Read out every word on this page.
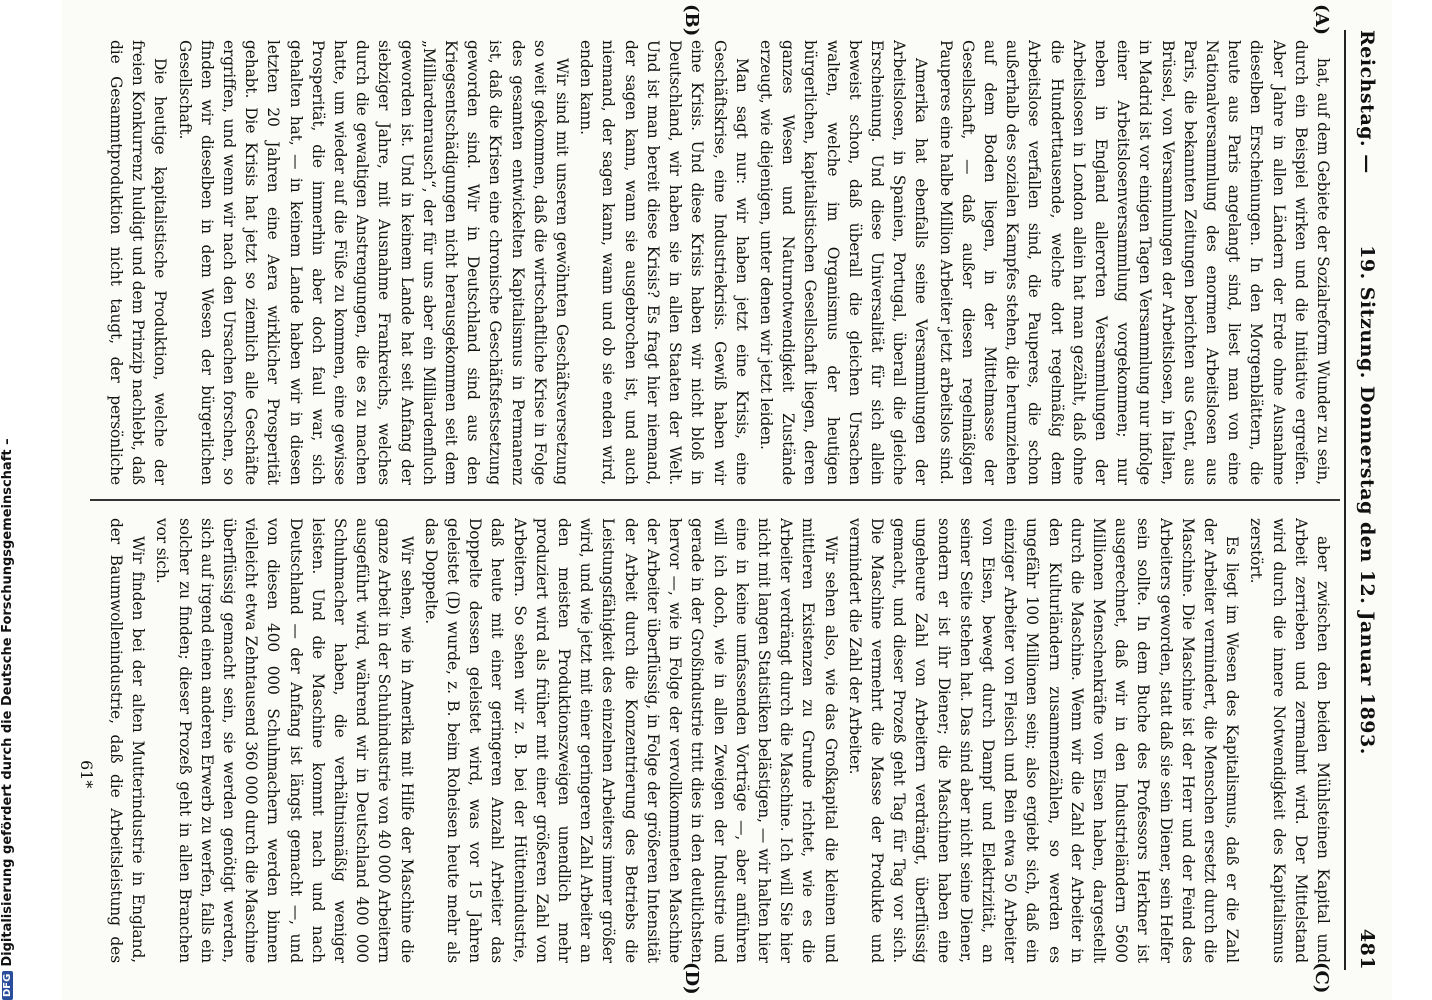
DFGDigitalisierung gefördert durch die Deutsche Forschungsgemeinschaft –
Reichstag. —
19. Sitzung. Donnerstag den 12. Januar 1893.
481
(A)
(B)
(C)
(D)

hat, auf dem Gebiete der Sozialreform Wunder zu sein, durch ein Beispiel wirken und die Initiative ergreifen. Aber Jahre in allen Ländern der Erde ohne Ausnahme dieselben Erscheinungen. In den Morgenblättern, die heute aus Paris angelangt sind, liest man von eine Nationalversammlung des enormen Arbeitslosen aus Paris, die bekannten Zeitungen berichten aus Gent, aus Brüssel, von Versammlungen der Arbeitslosen, in Italien, in Madrid ist vor einigen Tagen Versammlung nur infolge einer Arbeitslosenversammlung vorgekommen; nur neben in England allerorten Versammlungen der Arbeitslosen in London allein hat man gezählt, daß ohne die Hunderttausende, welche dort regelmäßig dem Arbeitslose verfallen sind, die Pauperes, die schon außerhalb des sozialen Kampfes stehen, die herumziehen auf dem Boden liegen, in der Mittelmasse der Gesellschaft, — daß außer diesen regelmäßigen Pauperes eine halbe Million Arbeiter jetzt arbeitslos sind.

Amerika hat ebenfalls seine Versammlungen der Arbeitslosen, in Spanien, Portugal, überall die gleiche Erscheinung. Und diese Universalität für sich allein beweist schon, daß überall die gleichen Ursachen walten, welche im Organismus der heutigen bürgerlichen, kapitalistischen Gesellschaft liegen, deren ganzes Wesen und Naturnotwendigkeit Zustände erzeugt, wie diejenigen, unter denen wir jetzt leiden.

Man sagt nur: wir haben jetzt eine Krisis, eine Geschäftskrise, eine Industriekrisis. Gewiß haben wir eine Krisis. Und diese Krisis haben wir nicht bloß in Deutschland, wir haben sie in allen Staaten der Welt. Und ist man bereit diese Krisis? Es fragt hier niemand, der sagen kann, wann sie ausgebrochen ist, und auch niemand, der sagen kann, wann und ob sie enden wird, enden kann.

Wir sind mit unseren gewöhnten Geschäftsversetzung so weit gekommen, daß die wirtschaftliche Krise in Folge des gesamten entwickelten Kapitalismus in Permanenz ist, daß die Krisen eine chronische Geschäftsfestsetzung geworden sind. Wir in Deutschland sind aus den Kriegsentschädigungen nicht herausgekommen seit dem „Milliardenrausch“, der für uns aber ein Milliardenfluch geworden ist. Und in keinem Lande hat seit Anfang der siebziger Jahre, mit Ausnahme Frankreichs, welches durch die gewaltigen Anstrengungen, die es zu machen hatte, um wieder auf die Füße zu kommen, eine gewisse Prosperität, die immerhin aber doch faul war, sich gehalten hat, — in keinem Lande haben wir in diesen letzten 20 Jahren eine Aera wirklicher Prosperität gehabt. Die Krisis hat jetzt so ziemlich alle Geschäfte ergriffen, und wenn wir nach den Ursachen forschen, so finden wir dieselben in dem Wesen der bürgerlichen Gesellschaft.

Die heutige kapitalistische Produktion, welche der freien Konkurrenz huldigt und dem Prinzip nachlebt, daß die Gesammtproduktion nicht taugt, der persönliche

aber zwischen den beiden Mühlsteinen Kapital und Arbeit zerrieben und zermalmt wird. Der Mittelstand wird durch die innere Notwendigkeit des Kapitalismus zerstört.

Es liegt im Wesen des Kapitalismus, daß er die Zahl der Arbeiter vermindert, die Menschen ersetzt durch die Maschine. Die Maschine ist der Herr und der Feind des Arbeiters geworden, statt daß sie sein Diener, sein Helfer sein sollte. In dem Buche des Professors Herkner ist ausgerechnet, daß wir in den Industrieländern 5600 Millionen Menschenkräfte von Eisen haben, dargestellt durch die Maschine. Wenn wir die Zahl der Arbeiter in den Kulturländern zusammenzählen, so werden es ungefähr 100 Millionen sein; also ergiebt sich, daß ein einziger Arbeiter von Fleisch und Bein etwa 50 Arbeiter von Eisen, bewegt durch Dampf und Elektrizität, an seiner Seite stehen hat. Das sind aber nicht seine Diener, sondern er ist ihr Diener; die Maschinen haben eine ungeheure Zahl von Arbeitern verdrängt, überflüssig gemacht, und dieser Prozeß geht Tag für Tag vor sich. Die Maschine vermehrt die Masse der Produkte und vermindert die Zahl der Arbeiter.

Wir sehen also, wie das Großkapital die kleinen und mittleren Existenzen zu Grunde richtet, wie es die Arbeiter verdrängt durch die Maschine. Ich will Sie hier nicht mit langen Statistiken belästigen, — wir halten hier eine in keine umfassenden Vorträge —, aber anführen will ich doch, wie in allen Zweigen der Industrie und gerade in der Großindustrie tritt dies in den deutlichsten hervor —, wie in Folge der vervollkommneten Maschine der Arbeiter überflüssig, in Folge der größeren Intensität der Arbeit durch die Konzentrierung des Betriebs die Leistungsfähigkeit des einzelnen Arbeiters immer größer wird, und wie jetzt mit einer geringeren Zahl Arbeiter an den meisten Produktionszweigen unendlich mehr produziert wird als früher mit einer größeren Zahl von Arbeitern. So sehen wir z. B. bei der Hüttenindustrie, daß heute mit einer geringeren Anzahl Arbeiter das Doppelte dessen geleistet wird, was vor 15 Jahren geleistet (D) wurde, z. B. beim Roheisen heute mehr als das Doppelte.

Wir sehen, wie in Amerika mit Hilfe der Maschine die ganze Arbeit in der Schuhindustrie von 40 000 Arbeitern ausgeführt wird, während wir in Deutschland 400 000 Schuhmacher haben, die verhältnismäßig weniger leisten. Und die Maschine kommt nach und nach Deutschland — der Anfang ist längst gemacht —, und von diesen 400 000 Schuhmachern werden binnen vielleicht etwa Zehntausend 360 000 durch die Maschine überflüssig gemacht sein, sie werden genötigt werden, sich auf irgend einen anderen Erwerb zu werfen, falls ein solcher zu finden; dieser Prozeß geht in allen Branchen vor sich.

Wir finden bei der alten Mutterindustrie in England, der Baumwollenindustrie, daß die Arbeitsleistung des

61*
